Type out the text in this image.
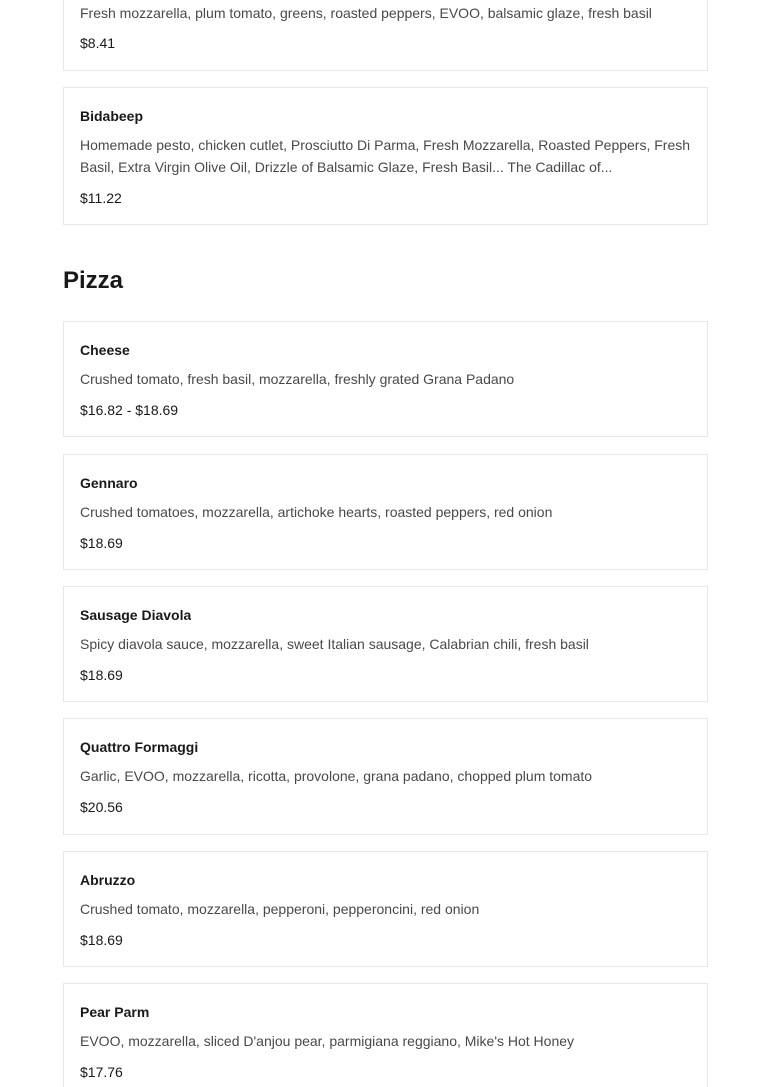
Fresh mozzarella, plum tomato, greens, roasted peppers, EVOO, balsamic glaze, fresh basil
$8.41
Bidabeep
Homemade pesto, chicken cutlet, Prosciutto Di Parma, Fresh Mozzarella, Roasted Peppers, Fresh Basil, Extra Virgin Olive Oil, Drizzle of Balsamic Glaze, Fresh Basil... The Cadillac of...
$11.22
Pizza
Cheese
Crushed tomato, fresh basil, mozzarella, freshly grated Grana Padano
$16.82 - $18.69
Gennaro
Crushed tomatoes, mozzarella, artichoke hearts, roasted peppers, red onion
$18.69
Sausage Diavola
Spicy diavola sauce, mozzarella, sweet Italian sausage, Calabrian chili, fresh basil
$18.69
Quattro Formaggi
Garlic, EVOO, mozzarella, ricotta, provolone, grana padano, chopped plum tomato
$20.56
Abruzzo
Crushed tomato, mozzarella, pepperoni, pepperoncini, red onion
$18.69
Pear Parm
EVOO, mozzarella, sliced D'anjou pear, parmigiana reggiano, Mike's Hot Honey
$17.76
